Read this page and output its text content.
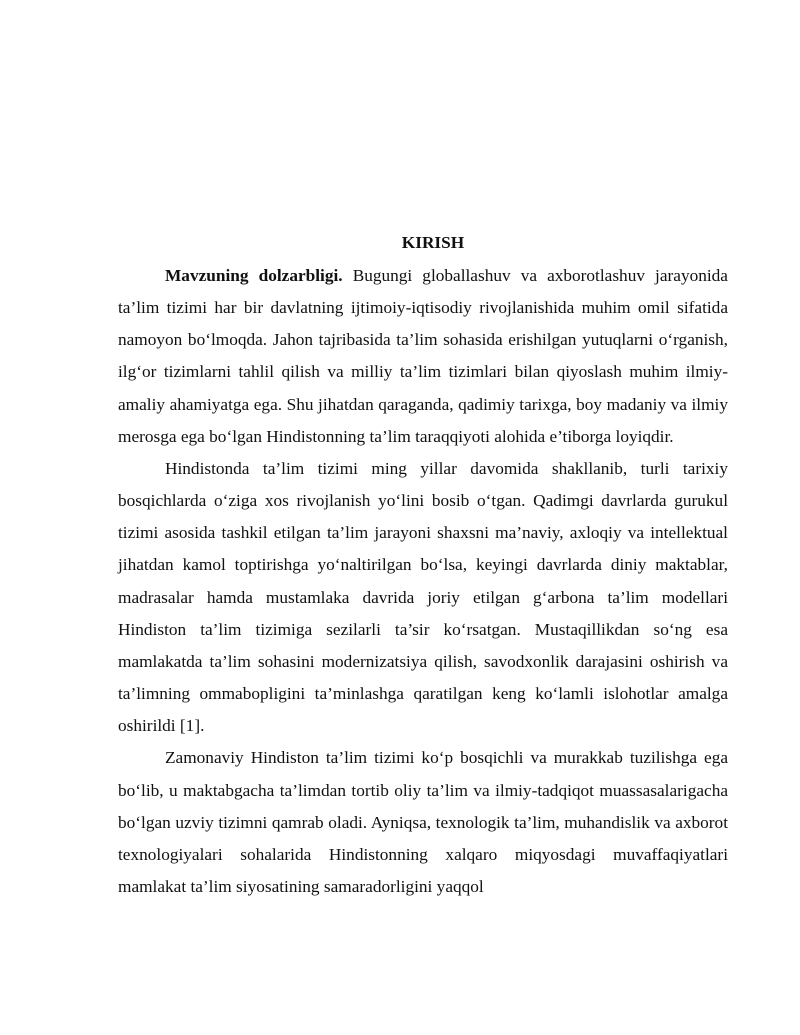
KIRISH

Mavzuning dolzarbligi. Bugungi globallashuv va axborotlashuv jarayonida ta’lim tizimi har bir davlatning ijtimoiy-iqtisodiy rivojlanishida muhim omil sifatida namoyon bo‘lmoqda. Jahon tajribasida ta’lim sohasida erishilgan yutuqlarni o‘rganish, ilg‘or tizimlarni tahlil qilish va milliy ta’lim tizimlari bilan qiyoslash muhim ilmiy-amaliy ahamiyatga ega. Shu jihatdan qaraganda, qadimiy tarixga, boy madaniy va ilmiy merosga ega bo‘lgan Hindistonning ta’lim taraqqiyoti alohida e’tiborga loyiqdir.

Hindistonda ta’lim tizimi ming yillar davomida shakllanib, turli tarixiy bosqichlarda o‘ziga xos rivojlanish yo‘lini bosib o‘tgan. Qadimgi davrlarda gurukul tizimi asosida tashkil etilgan ta’lim jarayoni shaxsni ma’naviy, axloqiy va intellektual jihatdan kamol toptirishga yo‘naltirilgan bo‘lsa, keyingi davrlarda diniy maktablar, madrasalar hamda mustamlaka davrida joriy etilgan g‘arbona ta’lim modellari Hindiston ta’lim tizimiga sezilarli ta’sir ko‘rsatgan. Mustaqillikdan so‘ng esa mamlakatda ta’lim sohasini modernizatsiya qilish, savodxonlik darajasini oshirish va ta’limning ommabopligini ta’minlashga qaratilgan keng ko‘lamli islohotlar amalga oshirildi [1].

Zamonaviy Hindiston ta’lim tizimi ko‘p bosqichli va murakkab tuzilishga ega bo‘lib, u maktabgacha ta’limdan tortib oliy ta’lim va ilmiy-tadqiqot muassasalarigacha bo‘lgan uzviy tizimni qamrab oladi. Ayniqsa, texnologik ta’lim, muhandislik va axborot texnologiyalari sohalarida Hindistonning xalqaro miqyosdagi muvaffaqiyatlari mamlakat ta’lim siyosatining samaradorligini yaqqol
